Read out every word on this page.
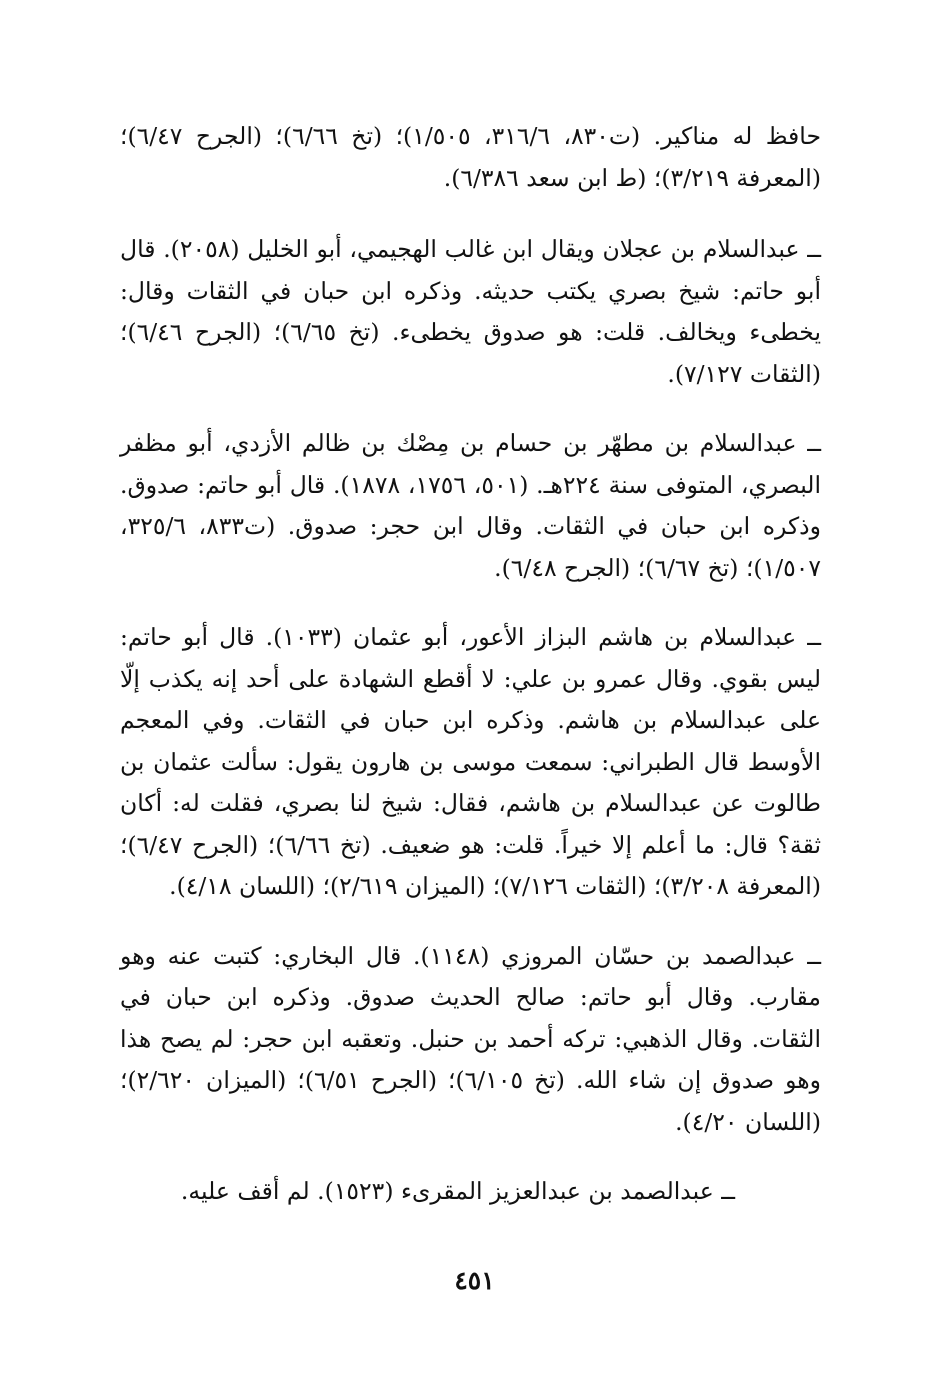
حافظ له مناكير. (ت٨٣٠، ٣١٦/٦، ١/٥٠٥)؛ (تخ ٦/٦٦)؛ (الجرح ٦/٤٧)؛ (المعرفة ٣/٢١٩)؛ (ط ابن سعد ٦/٣٨٦).

ــ عبدالسلام بن عجلان ويقال ابن غالب الهجيمي، أبو الخليل (٢٠٥٨). قال أبو حاتم: شيخ بصري يكتب حديثه. وذكره ابن حبان في الثقات وقال: يخطىء ويخالف. قلت: هو صدوق يخطىء. (تخ ٦/٦٥)؛ (الجرح ٦/٤٦)؛ (الثقات ٧/١٢٧).

ــ عبدالسلام بن مطهّر بن حسام بن مِصْك بن ظالم الأزدي، أبو مظفر البصري، المتوفى سنة ٢٢٤هـ. (٥٠١، ١٧٥٦، ١٨٧٨). قال أبو حاتم: صدوق. وذكره ابن حبان في الثقات. وقال ابن حجر: صدوق. (ت٨٣٣، ٣٢٥/٦، ١/٥٠٧)؛ (تخ ٦/٦٧)؛ (الجرح ٦/٤٨).

ــ عبدالسلام بن هاشم البزاز الأعور، أبو عثمان (١٠٣٣). قال أبو حاتم: ليس بقوي. وقال عمرو بن علي: لا أقطع الشهادة على أحد إنه يكذب إلّا على عبدالسلام بن هاشم. وذكره ابن حبان في الثقات. وفي المعجم الأوسط قال الطبراني: سمعت موسى بن هارون يقول: سألت عثمان بن طالوت عن عبدالسلام بن هاشم، فقال: شيخ لنا بصري، فقلت له: أكان ثقة؟ قال: ما أعلم إلا خيراً. قلت: هو ضعيف. (تخ ٦/٦٦)؛ (الجرح ٦/٤٧)؛ (المعرفة ٣/٢٠٨)؛ (الثقات ٧/١٢٦)؛ (الميزان ٢/٦١٩)؛ (اللسان ٤/١٨).

ــ عبدالصمد بن حسّان المروزي (١١٤٨). قال البخاري: كتبت عنه وهو مقارب. وقال أبو حاتم: صالح الحديث صدوق. وذكره ابن حبان في الثقات. وقال الذهبي: تركه أحمد بن حنبل. وتعقبه ابن حجر: لم يصح هذا وهو صدوق إن شاء الله. (تخ ٦/١٠٥)؛ (الجرح ٦/٥١)؛ (الميزان ٢/٦٢٠)؛ (اللسان ٤/٢٠).

ــ عبدالصمد بن عبدالعزيز المقرىء (١٥٢٣). لم أقف عليه.

٤٥١
